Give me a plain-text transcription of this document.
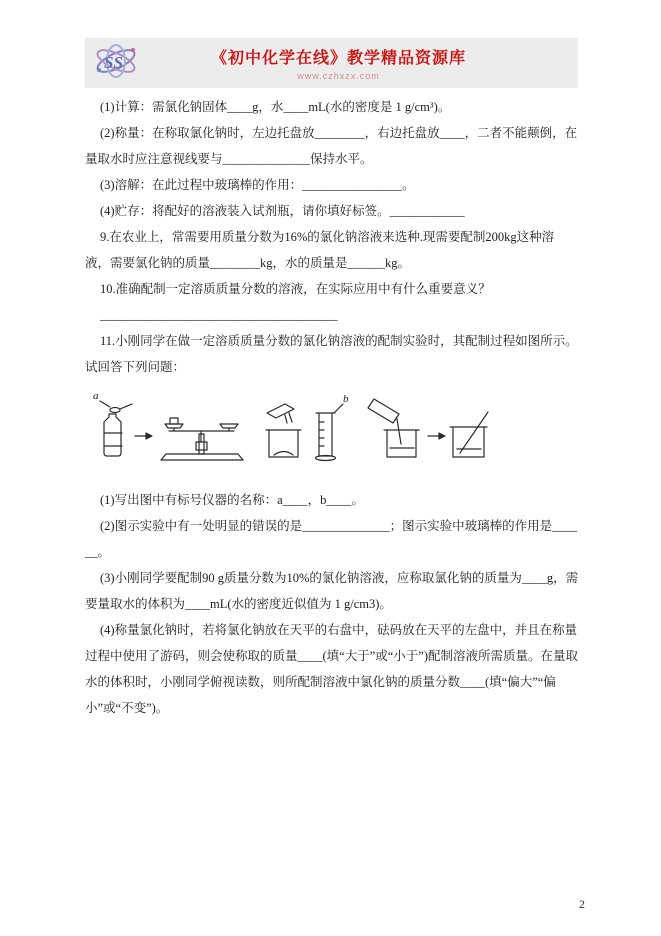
SS	《初中化学在线》教学精品资源库
www.czhxzx.com

(1)计算：需氯化钠固体____g，水____mL(水的密度是 1 g/cm³)。

(2)称量：在称取氯化钠时，左边托盘放________，右边托盘放____，二者不能颠倒，在量取水时应注意视线要与______________保持水平。

(3)溶解：在此过程中玻璃棒的作用：________________。

(4)贮存：将配好的溶液装入试剂瓶，请你填好标签。____________

9.在农业上，常需要用质量分数为16%的氯化钠溶液来选种.现需要配制200kg这种溶液，需要氯化钠的质量________kg，水的质量是______kg。

10.准确配制一定溶质质量分数的溶液，在实际应用中有什么重要意义？

______________________________________

11.小刚同学在做一定溶质质量分数的氯化钠溶液的配制实验时，其配制过程如图所示。

试回答下列问题：

a	b

(1)写出图中有标号仪器的名称：a____，b____。

(2)图示实验中有一处明显的错误的是______________；图示实验中玻璃棒的作用是______。

(3)小刚同学要配制90 g质量分数为10%的氯化钠溶液，应称取氯化钠的质量为____g，需要量取水的体积为____mL(水的密度近似值为 1 g/cm3)。

(4)称量氯化钠时，若将氯化钠放在天平的右盘中，砝码放在天平的左盘中，并且在称量过程中使用了游码，则会使称取的质量____(填“大于”或“小于”)配制溶液所需质量。在量取水的体积时，小刚同学俯视读数，则所配制溶液中氯化钠的质量分数____(填“偏大”“偏小”或“不变”)。

2
